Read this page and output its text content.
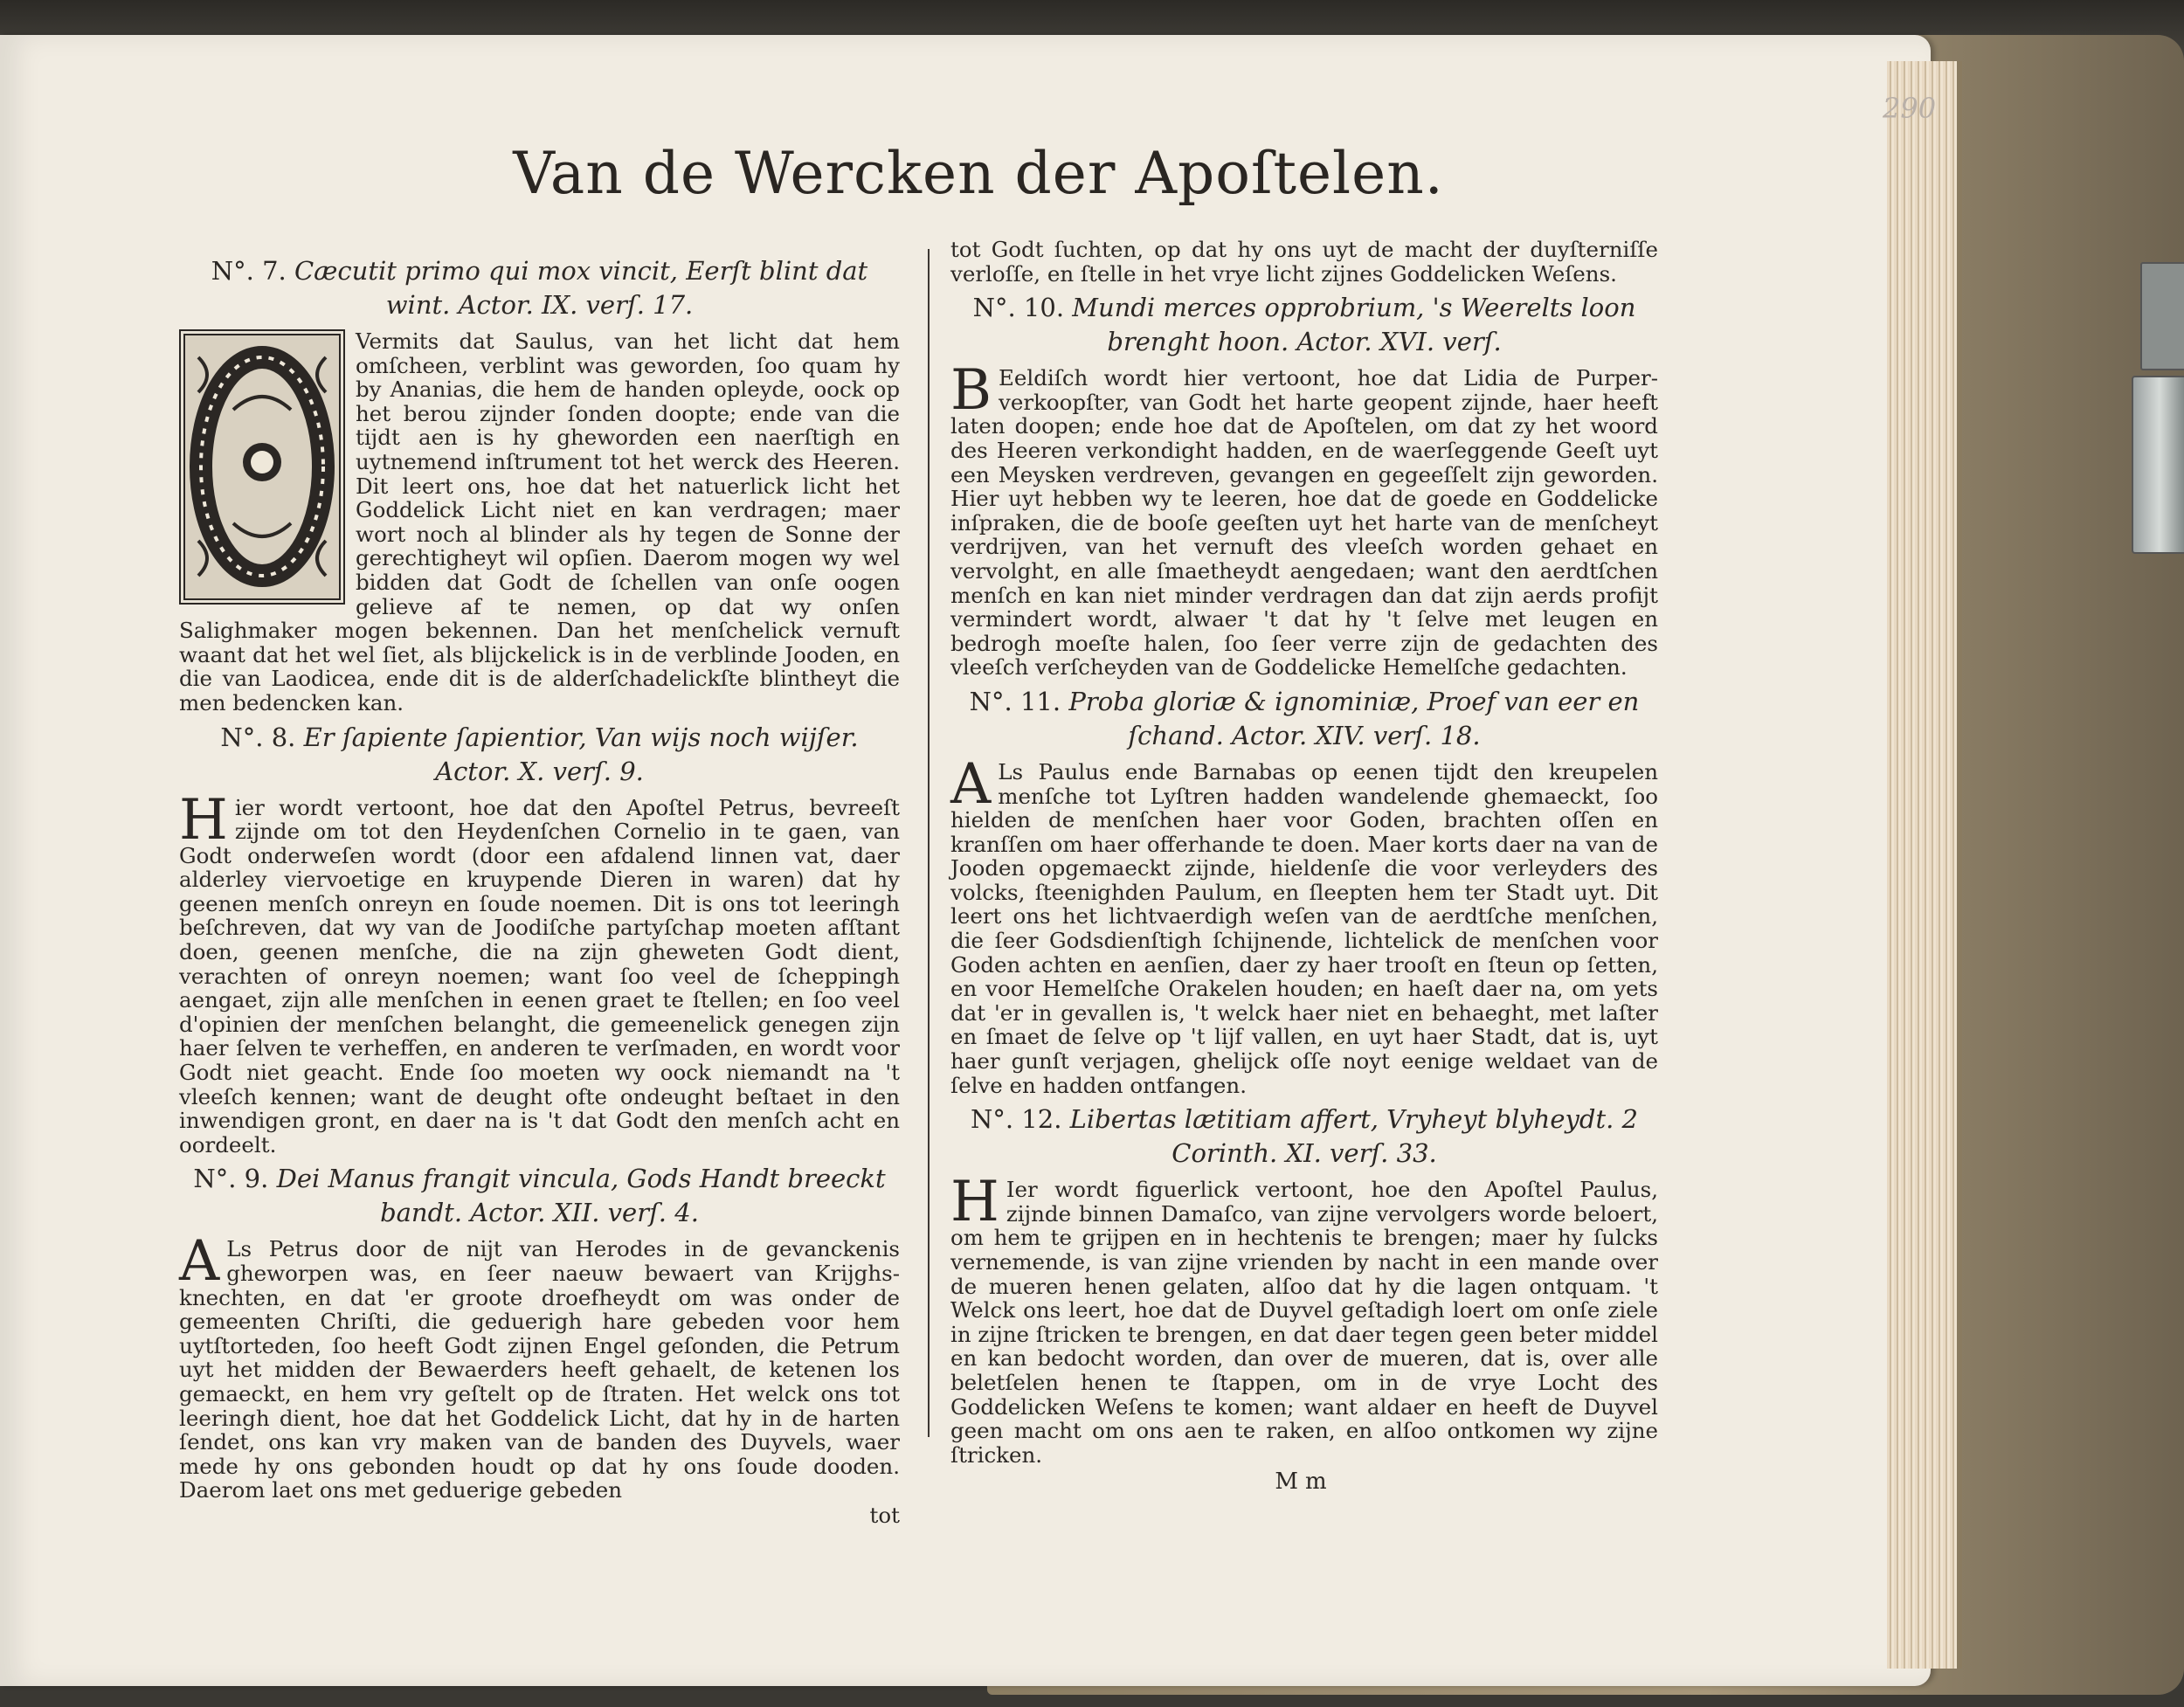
290
Van de Wercken der Apoſtelen.
N°. 7. Cæcutit primo qui mox vincit, Eerſt blint dat wint. Actor. IX. verſ. 17.

Vermits dat Saulus, van het licht dat hem omſcheen, verblint was geworden, ſoo quam hy by Ananias, die hem de handen opleyde, oock op het berou zijnder ſonden doopte; ende van die tijdt aen is hy gheworden een naerſtigh en uytnemend inſtrument tot het werck des Heeren. Dit leert ons, hoe dat het natuerlick licht het Goddelick Licht niet en kan verdragen; maer wort noch al blinder als hy tegen de Sonne der gerechtigheyt wil opſien. Daerom mogen wy wel bidden dat Godt de ſchellen van onſe oogen gelieve af te nemen, op dat wy onſen Salighmaker mogen bekennen. Dan het menſchelick vernuft waant dat het wel ſiet, als blijckelick is in de verblinde Jooden, en die van Laodicea, ende dit is de alderſchadelickſte blintheyt die men bedencken kan.

N°. 8. Er ſapiente ſapientior, Van wijs noch wijſer. Actor. X. verſ. 9.
H ier wordt vertoont, hoe dat den Apoſtel Petrus, bevreeſt zijnde om tot den Heydenſchen Cornelio in te gaen, van Godt onderweſen wordt (door een afdalend linnen vat, daer alderley viervoetige en kruypende Dieren in waren) dat hy geenen menſch onreyn en ſoude noemen. Dit is ons tot leeringh beſchreven, dat wy van de Joodiſche partyſchap moeten afſtant doen, geenen menſche, die na zijn gheweten Godt dient, verachten of onreyn noemen; want ſoo veel de ſcheppingh aengaet, zijn alle menſchen in eenen graet te ſtellen; en ſoo veel d'opinien der menſchen belanght, die gemeenelick genegen zijn haer ſelven te verheffen, en anderen te verſmaden, en wordt voor Godt niet geacht. Ende ſoo moeten wy oock niemandt na 't vleeſch kennen; want de deught ofte ondeught beſtaet in den inwendigen gront, en daer na is 't dat Godt den menſch acht en oordeelt.

N°. 9. Dei Manus frangit vincula, Gods Handt breeckt bandt. Actor. XII. verſ. 4.
A Ls Petrus door de nijt van Herodes in de gevanckenis gheworpen was, en ſeer naeuw bewaert van Krijghs-knechten, en dat 'er groote droefheydt om was onder de gemeenten Chriſti, die geduerigh hare gebeden voor hem uytſtorteden, ſoo heeft Godt zijnen Engel geſonden, die Petrum uyt het midden der Bewaerders heeft gehaelt, de ketenen los gemaeckt, en hem vry geſtelt op de ſtraten. Het welck ons tot leeringh dient, hoe dat het Goddelick Licht, dat hy in de harten ſendet, ons kan vry maken van de banden des Duyvels, waer mede hy ons gebonden houdt op dat hy ons ſoude dooden. Daerom laet ons met geduerige gebeden

tot

tot Godt ſuchten, op dat hy ons uyt de macht der duyſterniſſe verloſſe, en ſtelle in het vrye licht zijnes Goddelicken Weſens.

N°. 10. Mundi merces opprobrium, 's Weerelts loon brenght hoon. Actor. XVI. verſ.
B Eeldiſch wordt hier vertoont, hoe dat Lidia de Purper-verkoopſter, van Godt het harte geopent zijnde, haer heeft laten doopen; ende hoe dat de Apoſtelen, om dat zy het woord des Heeren verkondight hadden, en de waerſeggende Geeſt uyt een Meysken verdreven, gevangen en gegeeſſelt zijn geworden. Hier uyt hebben wy te leeren, hoe dat de goede en Goddelicke inſpraken, die de booſe geeſten uyt het harte van de menſcheyt verdrijven, van het vernuft des vleeſch worden gehaet en vervolght, en alle ſmaetheydt aengedaen; want den aerdtſchen menſch en kan niet minder verdragen dan dat zijn aerds profijt vermindert wordt, alwaer 't dat hy 't ſelve met leugen en bedrogh moeſte halen, ſoo ſeer verre zijn de gedachten des vleeſch verſcheyden van de Goddelicke Hemelſche gedachten.

N°. 11. Proba gloriæ & ignominiæ, Proef van eer en ſchand. Actor. XIV. verſ. 18.
A Ls Paulus ende Barnabas op eenen tijdt den kreupelen menſche tot Lyſtren hadden wandelende ghemaeckt, ſoo hielden de menſchen haer voor Goden, brachten oſſen en kranſſen om haer offerhande te doen. Maer korts daer na van de Jooden opgemaeckt zijnde, hieldenſe die voor verleyders des volcks, ſteenighden Paulum, en ſleepten hem ter Stadt uyt. Dit leert ons het lichtvaerdigh weſen van de aerdtſche menſchen, die ſeer Godsdienſtigh ſchijnende, lichtelick de menſchen voor Goden achten en aenſien, daer zy haer trooſt en ſteun op ſetten, en voor Hemelſche Orakelen houden; en haeſt daer na, om yets dat 'er in gevallen is, 't welck haer niet en behaeght, met laſter en ſmaet de ſelve op 't lijf vallen, en uyt haer Stadt, dat is, uyt haer gunſt verjagen, ghelijck oſſe noyt eenige weldaet van de ſelve en hadden ontfangen.

N°. 12. Libertas lætitiam affert, Vryheyt blyheydt. 2 Corinth. XI. verſ. 33.
H Ier wordt figuerlick vertoont, hoe den Apoſtel Paulus, zijnde binnen Damaſco, van zijne vervolgers worde beloert, om hem te grijpen en in hechtenis te brengen; maer hy ſulcks vernemende, is van zijne vrienden by nacht in een mande over de mueren henen gelaten, alſoo dat hy die lagen ontquam. 't Welck ons leert, hoe dat de Duyvel geſtadigh loert om onſe ziele in zijne ſtricken te brengen, en dat daer tegen geen beter middel en kan bedocht worden, dan over de mueren, dat is, over alle beletſelen henen te ſtappen, om in de vrye Locht des Goddelicken Weſens te komen; want aldaer en heeft de Duyvel geen macht om ons aen te raken, en alſoo ontkomen wy zijne ſtricken.

Mm
